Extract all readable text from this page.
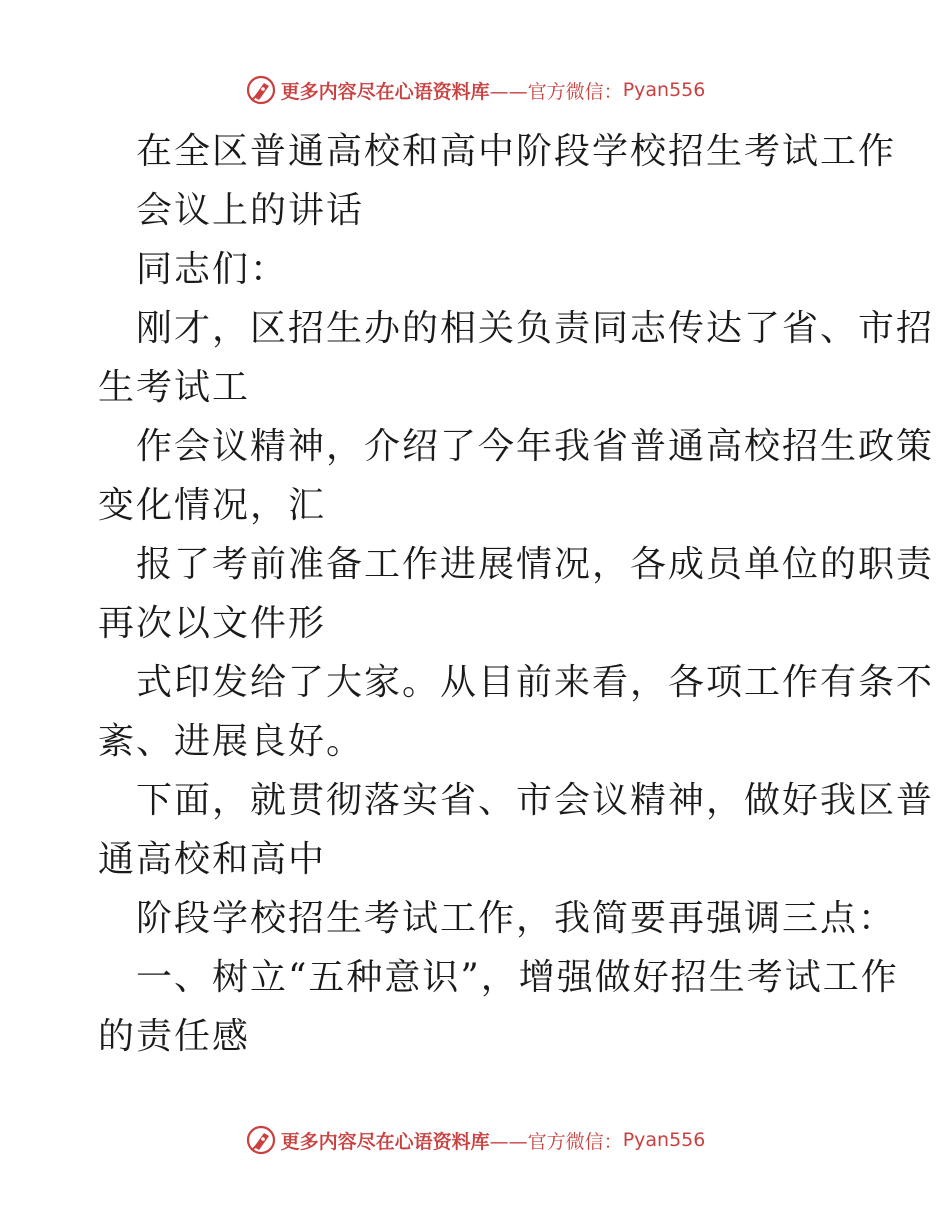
更多内容尽在心语资料库——官方微信： Pyan556
在全区普通高校和高中阶段学校招生考试工作
会议上的讲话
同志们：
刚才，区招生办的相关负责同志传达了省、市招
生考试工
作会议精神，介绍了今年我省普通高校招生政策
变化情况，汇
报了考前准备工作进展情况，各成员单位的职责
再次以文件形
式印发给了大家。从目前来看，各项工作有条不
紊、进展良好。
下面，就贯彻落实省、市会议精神，做好我区普
通高校和高中
阶段学校招生考试工作，我简要再强调三点：
一、树立“五种意识”，增强做好招生考试工作
的责任感
更多内容尽在心语资料库——官方微信： Pyan556
